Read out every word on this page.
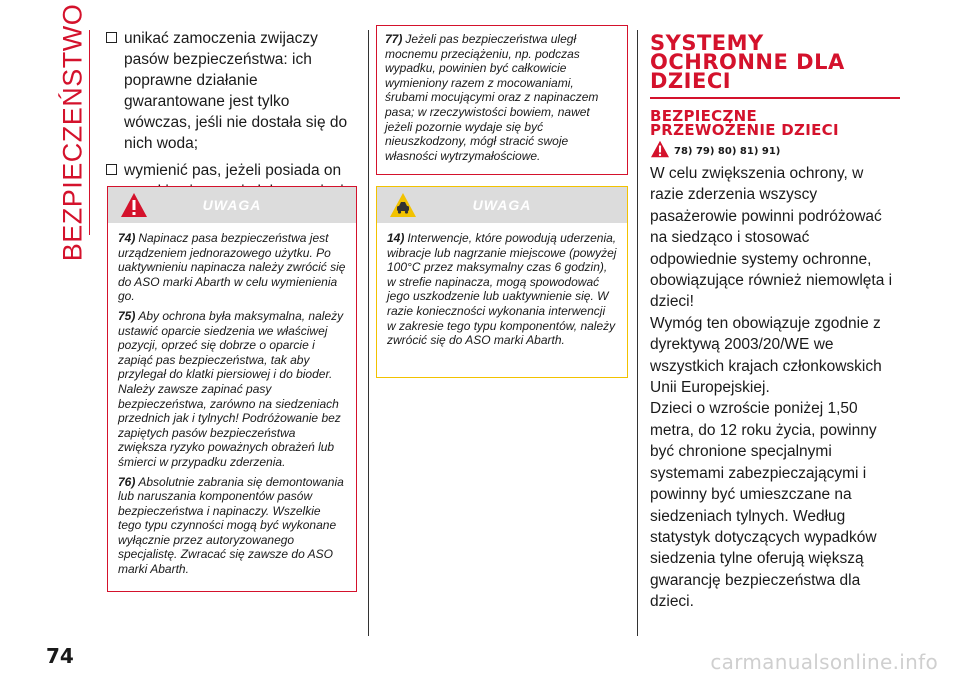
BEZPIECZEŃSTWO	unikać zamoczenia zwijaczy pasów bezpieczeństwa: ich poprawne działanie gwarantowane jest tylko wówczas, jeśli nie dostała się do nich woda;
wymienić pas, jeżeli posiada on
UWAGA

74) Napinacz pasa bezpieczeństwa jest urządzeniem jednorazowego użytku. Po uaktywnieniu napinacza należy zwrócić się do ASO marki Abarth w celu wymienienia go.

75) Aby ochrona była maksymalna, należy ustawić oparcie siedzenia we właściwej pozycji, oprzeć się dobrze o oparcie i zapiąć pas bezpieczeństwa, tak aby przylegał do klatki piersiowej i do bioder. Należy zawsze zapinać pasy bezpieczeństwa, zarówno na siedzeniach przednich jak i tylnych! Podróżowanie bez zapiętych pasów bezpieczeństwa zwiększa ryzyko poważnych obrażeń lub śmierci w przypadku zderzenia.

76) Absolutnie zabrania się demontowania lub naruszania komponentów pasów bezpieczeństwa i napinaczy. Wszelkie tego typu czynności mogą być wykonane wyłącznie przez autoryzowanego specjalistę. Zwracać się zawsze do ASO marki Abarth.

77) Jeżeli pas bezpieczeństwa uległ mocnemu przeciążeniu, np. podczas wypadku, powinien być całkowicie wymieniony razem z mocowaniami, śrubami mocującymi oraz z napinaczem pasa; w rzeczywistości bowiem, nawet jeżeli pozornie wydaje się być nieuszkodzony, mógł stracić swoje własności wytrzymałościowe.

UWAGA

14) Interwencje, które powodują uderzenia, wibracje lub nagrzanie miejscowe (powyżej 100°C przez maksymalny czas 6 godzin), w strefie napinacza, mogą spowodować jego uszkodzenie lub uaktywnienie się. W razie konieczności wykonania interwencji w zakresie tego typu komponentów, należy zwrócić się do ASO marki Abarth.

SYSTEMY OCHRONNE DLA DZIECI
BEZPIECZNE PRZEWOŻENIE DZIECI
78) 79) 80) 81) 91)
W celu zwiększenia ochrony, w razie zderzenia wszyscy pasażerowie powinni podróżować na siedząco i stosować odpowiednie systemy ochronne, obowiązujące również niemowlęta i dzieci!
Wymóg ten obowiązuje zgodnie z dyrektywą 2003/20/WE we wszystkich krajach członkowskich Unii Europejskiej.
Dzieci o wzroście poniżej 1,50 metra, do 12 roku życia, powinny być chronione specjalnymi systemami zabezpieczającymi i powinny być umieszczane na siedzeniach tylnych. Według statystyk dotyczących wypadków siedzenia tylne oferują większą gwarancję bezpieczeństwa dla dzieci.
74	carmanualsonline.info
